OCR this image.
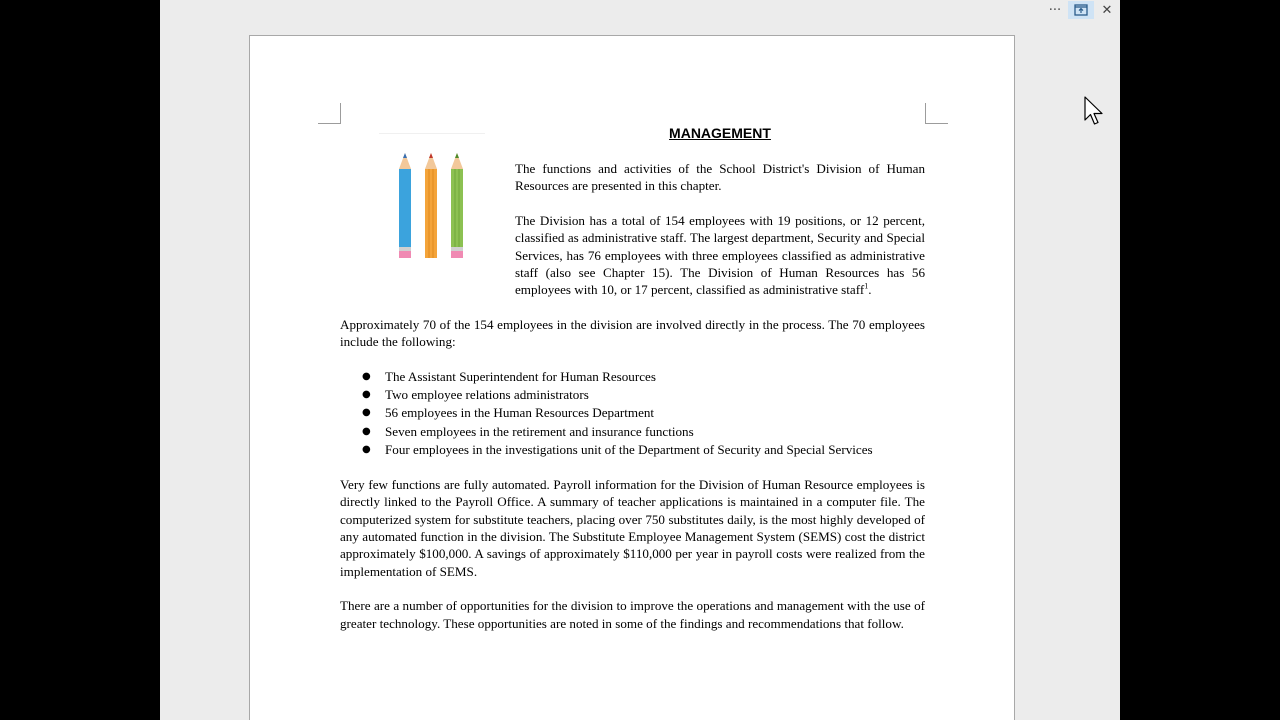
···	✕
MANAGEMENT

The functions and activities of the School District's Division of Human Resources are presented in this chapter.

The Division has a total of 154 employees with 19 positions, or 12 percent, classified as administrative staff. The largest department, Security and Special Services, has 76 employees with three employees classified as administrative staff (also see Chapter 15). The Division of Human Resources has 56 employees with 10, or 17 percent, classified as administrative staff$^1$.

Approximately 70 of the 154 employees in the division are involved directly in the process. The 70 employees include the following:

● The Assistant Superintendent for Human Resources
● Two employee relations administrators
● 56 employees in the Human Resources Department
● Seven employees in the retirement and insurance functions
● Four employees in the investigations unit of the Department of Security and Special Services

Very few functions are fully automated. Payroll information for the Division of Human Resource employees is directly linked to the Payroll Office. A summary of teacher applications is maintained in a computer file. The computerized system for substitute teachers, placing over 750 substitutes daily, is the most highly developed of any automated function in the division. The Substitute Employee Management System (SEMS) cost the district approximately $100,000. A savings of approximately $110,000 per year in payroll costs were realized from the implementation of SEMS.

There are a number of opportunities for the division to improve the operations and management with the use of greater technology. These opportunities are noted in some of the findings and recommendations that follow.
